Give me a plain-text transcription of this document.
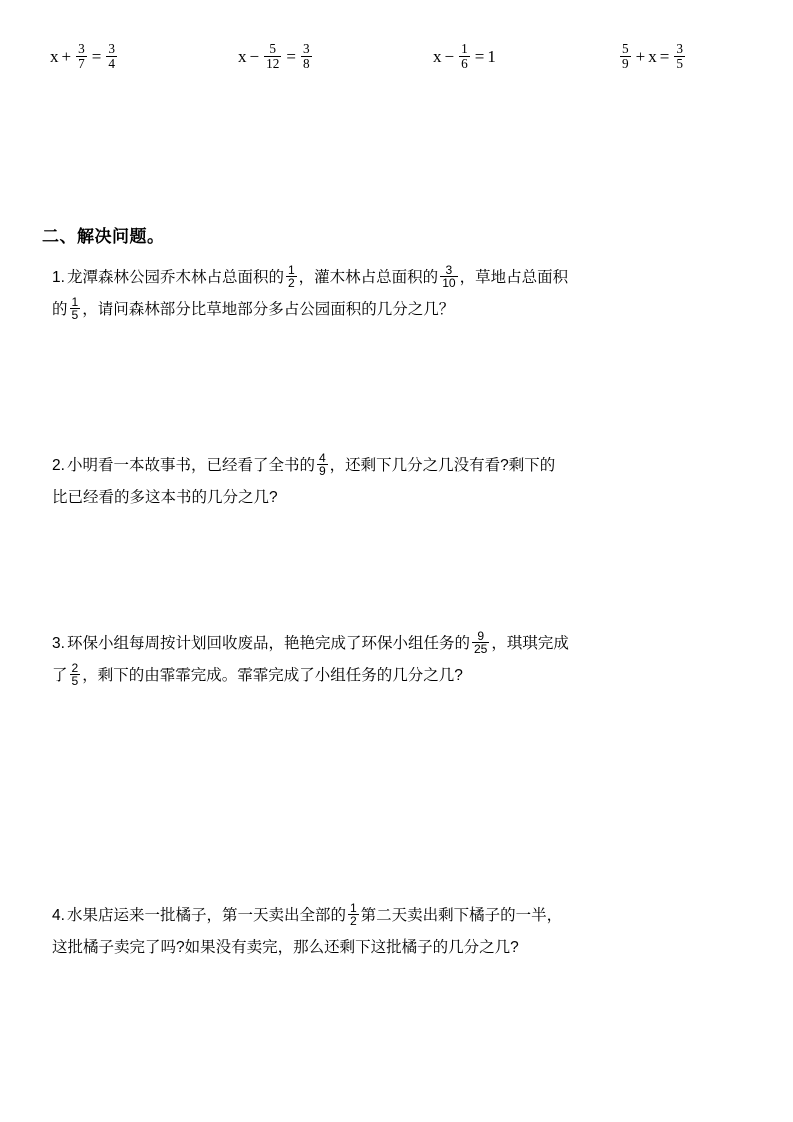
$x + \frac{3}{7} = \frac{3}{4}$	$x - \frac{5}{12} = \frac{3}{8}$	$x - \frac{1}{6} = 1$	$\frac{5}{9} + x = \frac{3}{5}$
二、解决问题。
1. 龙潭森林公园乔木林占总面积的 $\frac{1}{2}$ ，灌木林占总面积的 $\frac{3}{10}$ ，草地占总面积
的 $\frac{1}{5}$ ，请问森林部分比草地部分多占公园面积的几分之几？
2. 小明看一本故事书，已经看了全书的 $\frac{4}{9}$ ，还剩下几分之几没有看?剩下的
比已经看的多这本书的几分之几?
3. 环保小组每周按计划回收废品，艳艳完成了环保小组任务的 $\frac{9}{25}$ ，琪琪完成
了 $\frac{2}{5}$ ，剩下的由霏霏完成。霏霏完成了小组任务的几分之几?
4. 水果店运来一批橘子，第一天卖出全部的 $\frac{1}{2}$ 第二天卖出剩下橘子的一半，
这批橘子卖完了吗?如果没有卖完，那么还剩下这批橘子的几分之几?
